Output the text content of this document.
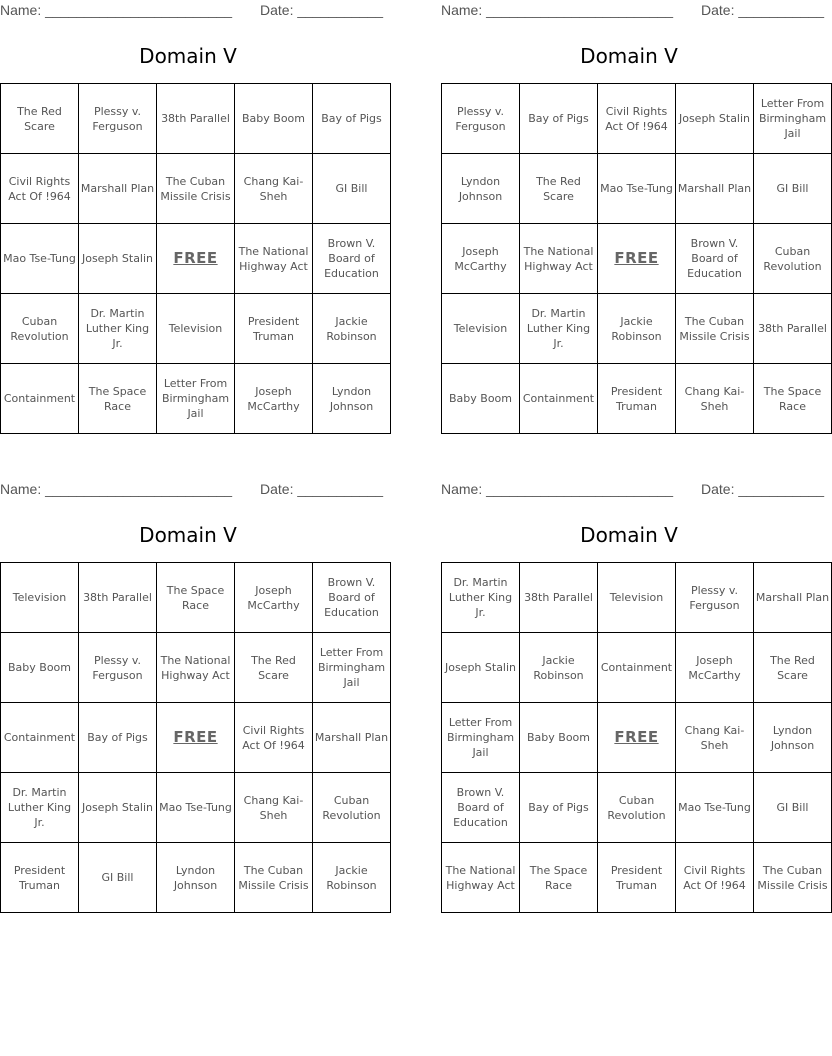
Name: ________________________ Date: ___________
Domain V
The Red Scare	Plessy v. Ferguson	38th Parallel	Baby Boom	Bay of Pigs
Civil Rights Act Of !964	Marshall Plan	The Cuban Missile Crisis	Chang Kai-Sheh	GI Bill
Mao Tse-Tung	Joseph Stalin	FREE	The National Highway Act	Brown V. Board of Education
Cuban Revolution	Dr. Martin Luther King Jr.	Television	President Truman	Jackie Robinson
Containment	The Space Race	Letter From Birmingham Jail	Joseph McCarthy	Lyndon Johnson
Name: ________________________ Date: ___________
Domain V
Plessy v. Ferguson	Bay of Pigs	Civil Rights Act Of !964	Joseph Stalin	Letter From Birmingham Jail
Lyndon Johnson	The Red Scare	Mao Tse-Tung	Marshall Plan	GI Bill
Joseph McCarthy	The National Highway Act	FREE	Brown V. Board of Education	Cuban Revolution
Television	Dr. Martin Luther King Jr.	Jackie Robinson	The Cuban Missile Crisis	38th Parallel
Baby Boom	Containment	President Truman	Chang Kai-Sheh	The Space Race
Name: ________________________ Date: ___________
Domain V
Television	38th Parallel	The Space Race	Joseph McCarthy	Brown V. Board of Education
Baby Boom	Plessy v. Ferguson	The National Highway Act	The Red Scare	Letter From Birmingham Jail
Containment	Bay of Pigs	FREE	Civil Rights Act Of !964	Marshall Plan
Dr. Martin Luther King Jr.	Joseph Stalin	Mao Tse-Tung	Chang Kai-Sheh	Cuban Revolution
President Truman	GI Bill	Lyndon Johnson	The Cuban Missile Crisis	Jackie Robinson
Name: ________________________ Date: ___________
Domain V
Dr. Martin Luther King Jr.	38th Parallel	Television	Plessy v. Ferguson	Marshall Plan
Joseph Stalin	Jackie Robinson	Containment	Joseph McCarthy	The Red Scare
Letter From Birmingham Jail	Baby Boom	FREE	Chang Kai-Sheh	Lyndon Johnson
Brown V. Board of Education	Bay of Pigs	Cuban Revolution	Mao Tse-Tung	GI Bill
The National Highway Act	The Space Race	President Truman	Civil Rights Act Of !964	The Cuban Missile Crisis
